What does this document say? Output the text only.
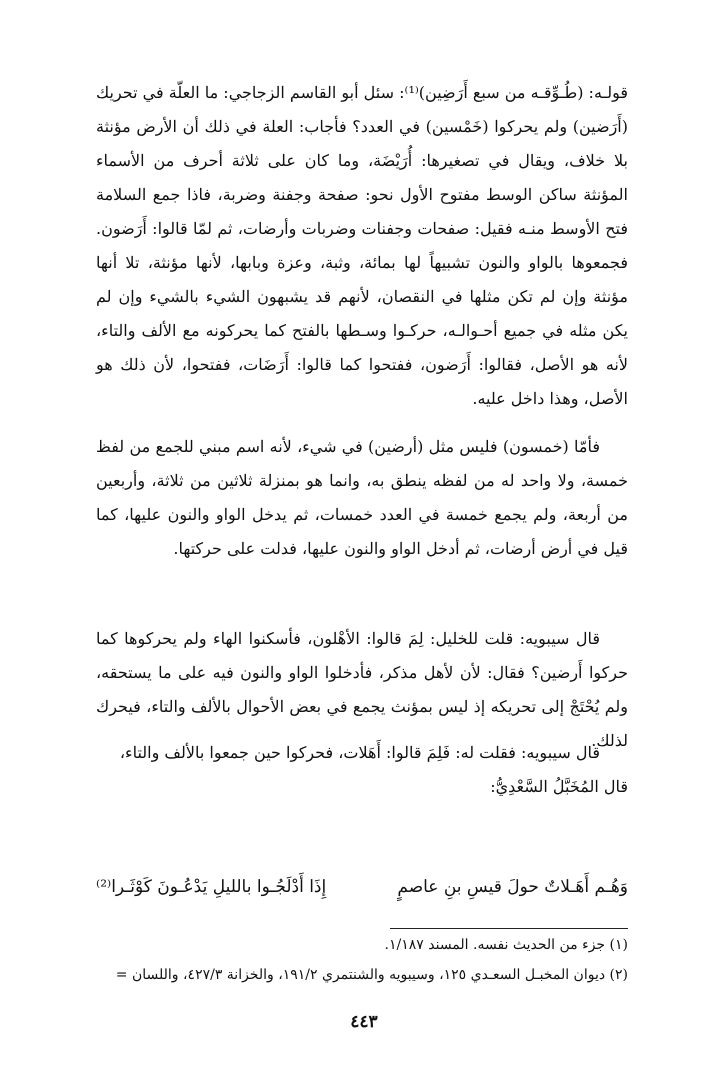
قولـه: (طُـوِّقـه من سبع أَرَضِين)⁽¹⁾: سئل أبو القاسم الزجاجي: ما العلّة في تحريك (أَرَضين) ولم يحركوا (خَمْسين) في العدد؟ فأجاب: العلة في ذلك أن الأرض مؤنثة بلا خلاف، ويقال في تصغيرها: أُرَيْضَة، وما كان على ثلاثة أحرف من الأسماء المؤنثة ساكن الوسط مفتوح الأول نحو: صفحة وجفنة وضربة، فاذا جمع السلامة فتح الأوسط منـه فقيل: صفحات وجفنات وضربات وأرضات، ثم لمّا قالوا: أَرَضون. فجمعوها بالواو والنون تشبيهاً لها بمائة، وثبة، وعزة وبابها، لأنها مؤنثة، تلا أنها مؤنثة وإن لم تكن مثلها في النقصان، لأنهم قد يشبهون الشيء بالشيء وإن لم يكن مثله في جميع أحـوالـه، حركـوا وسـطها بالفتح كما يحركونه مع الألف والتاء، لأنه هو الأصل، فقالوا: أَرَضون، ففتحوا كما قالوا: أَرَضَات، ففتحوا، لأن ذلك هو الأصل، وهذا داخل عليه.

فأمّا (خمسون) فليس مثل (أرضين) في شيء، لأنه اسم مبني للجمع من لفظ خمسة، ولا واحد له من لفظه ينطق به، وانما هو بمنزلة ثلاثين من ثلاثة، وأربعين من أربعة، ولم يجمع خمسة في العدد خمسات، ثم يدخل الواو والنون عليها، كما قيل في أرض أرضات، ثم أدخل الواو والنون عليها، فدلت على حركتها.

قال سيبويه: قلت للخليل: لِمَ قالوا: الأهْلون، فأسكنوا الهاء ولم يحركوها كما حركوا أَرضين؟ فقال: لأن لأهل مذكر، فأدخلوا الواو والنون فيه على ما يستحقه، ولم يُحْتَجْ إلى تحريكه إذ ليس بمؤنث يجمع في بعض الأحوال بالألف والتاء، فيحرك لذلك.

قال سيبويه: فقلت له: فَلِمَ قالوا: أَهَلات، فحركوا حين جمعوا بالألف والتاء،

قال المُخَبَّلُ السَّعْدِيُّ:

وَهُـم أَهَـلاتٌ حولَ قيسِ بنِ عاصمٍ
إِذَا أَدْلَجُـوا بالليلِ يَدْعُـونَ كَوْثَـرا⁽²⁾
(١) جزء من الحديث نفسه. المسند ١/١٨٧.
(٢) ديوان المخبـل السعـدي ١٢٥، وسيبويه والشنتمري ١٩١/٢، والخزانة ٤٢٧/٣، واللسان =
٤٤٣
